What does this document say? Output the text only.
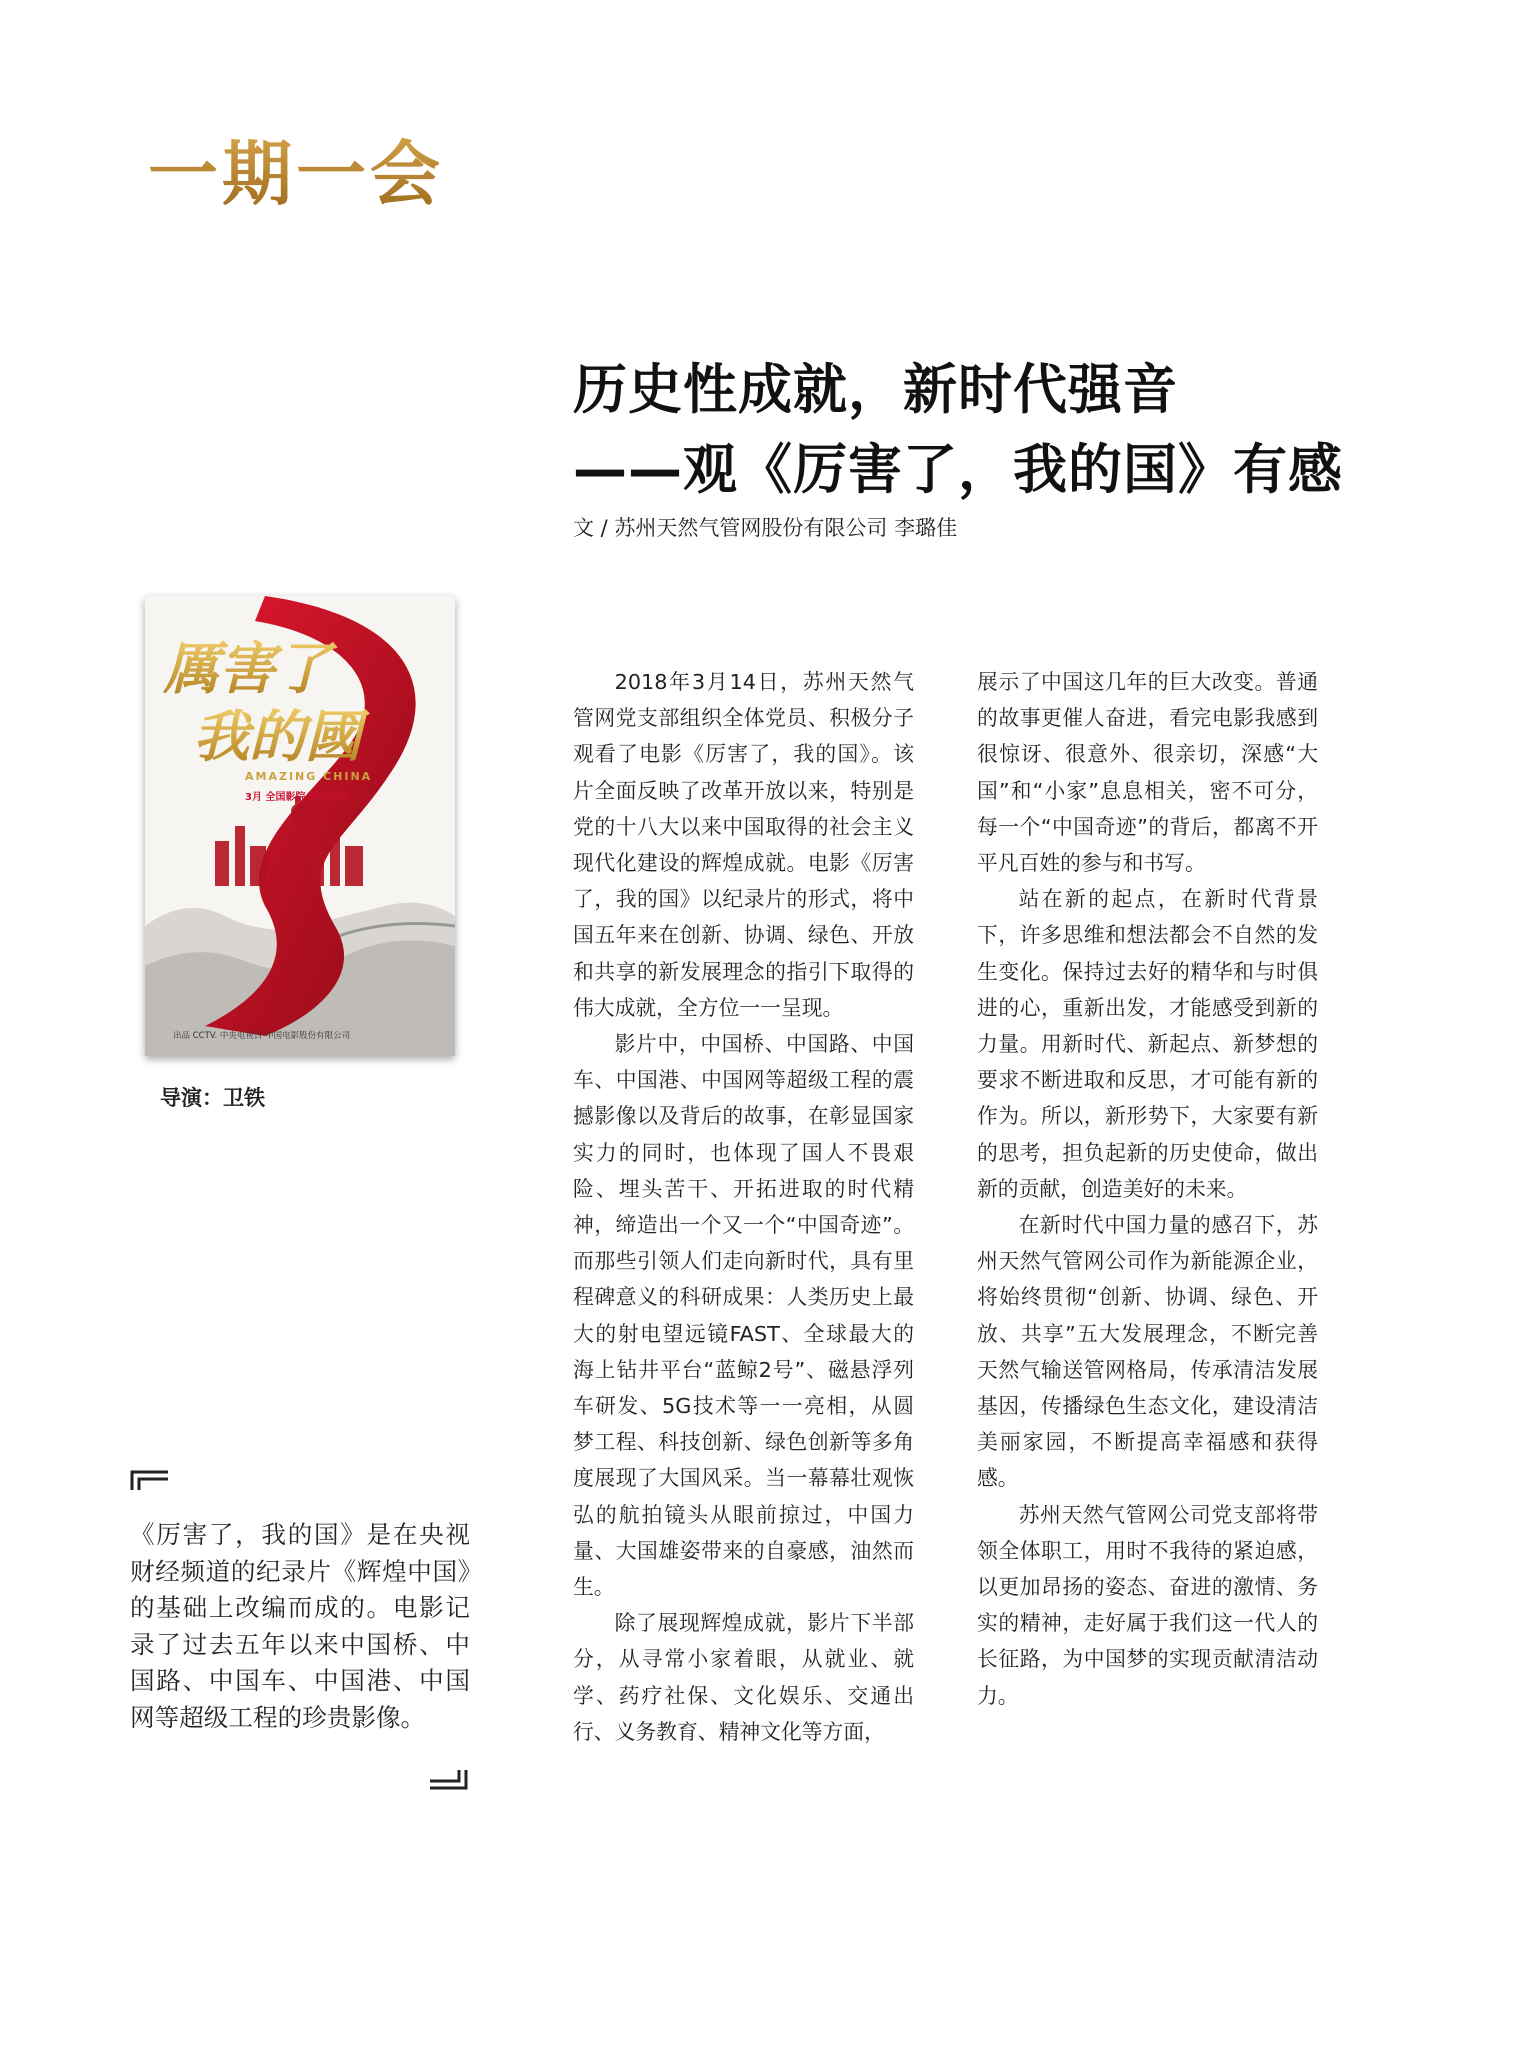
一期一会
历史性成就，新时代强音
——观《厉害了，我的国》有感
文 / 苏州天然气管网股份有限公司 李璐佳
厲害了
我的國
AMAZING CHINA
3月 全国影院 辉煌呈现
出品 CCTV. 中央电视台 中国电影股份有限公司
导演：卫铁

2018年3月14日，苏州天然气管网党支部组织全体党员、积极分子观看了电影《厉害了，我的国》。该片全面反映了改革开放以来，特别是党的十八大以来中国取得的社会主义现代化建设的辉煌成就。电影《厉害了，我的国》以纪录片的形式，将中国五年来在创新、协调、绿色、开放和共享的新发展理念的指引下取得的伟大成就，全方位一一呈现。

影片中，中国桥、中国路、中国车、中国港、中国网等超级工程的震撼影像以及背后的故事，在彰显国家实力的同时，也体现了国人不畏艰险、埋头苦干、开拓进取的时代精神，缔造出一个又一个“中国奇迹”。而那些引领人们走向新时代，具有里程碑意义的科研成果：人类历史上最大的射电望远镜FAST、全球最大的海上钻井平台“蓝鲸2号”、磁悬浮列车研发、5G技术等一一亮相，从圆梦工程、科技创新、绿色创新等多角度展现了大国风采。当一幕幕壮观恢弘的航拍镜头从眼前掠过，中国力量、大国雄姿带来的自豪感，油然而生。

除了展现辉煌成就，影片下半部分，从寻常小家着眼，从就业、就学、药疗社保、文化娱乐、交通出行、义务教育、精神文化等方面，

展示了中国这几年的巨大改变。普通的故事更催人奋进，看完电影我感到很惊讶、很意外、很亲切，深感“大国”和“小家”息息相关，密不可分，每一个“中国奇迹”的背后，都离不开平凡百姓的参与和书写。

站在新的起点，在新时代背景下，许多思维和想法都会不自然的发生变化。保持过去好的精华和与时俱进的心，重新出发，才能感受到新的力量。用新时代、新起点、新梦想的要求不断进取和反思，才可能有新的作为。所以，新形势下，大家要有新的思考，担负起新的历史使命，做出新的贡献，创造美好的未来。

在新时代中国力量的感召下，苏州天然气管网公司作为新能源企业，将始终贯彻“创新、协调、绿色、开放、共享”五大发展理念，不断完善天然气输送管网格局，传承清洁发展基因，传播绿色生态文化，建设清洁美丽家园，不断提高幸福感和获得感。

苏州天然气管网公司党支部将带领全体职工，用时不我待的紧迫感，以更加昂扬的姿态、奋进的激情、务实的精神，走好属于我们这一代人的长征路，为中国梦的实现贡献清洁动力。

《厉害了，我的国》是在央视财经频道的纪录片《辉煌中国》的基础上改编而成的。电影记录了过去五年以来中国桥、中国路、中国车、中国港、中国网等超级工程的珍贵影像。
